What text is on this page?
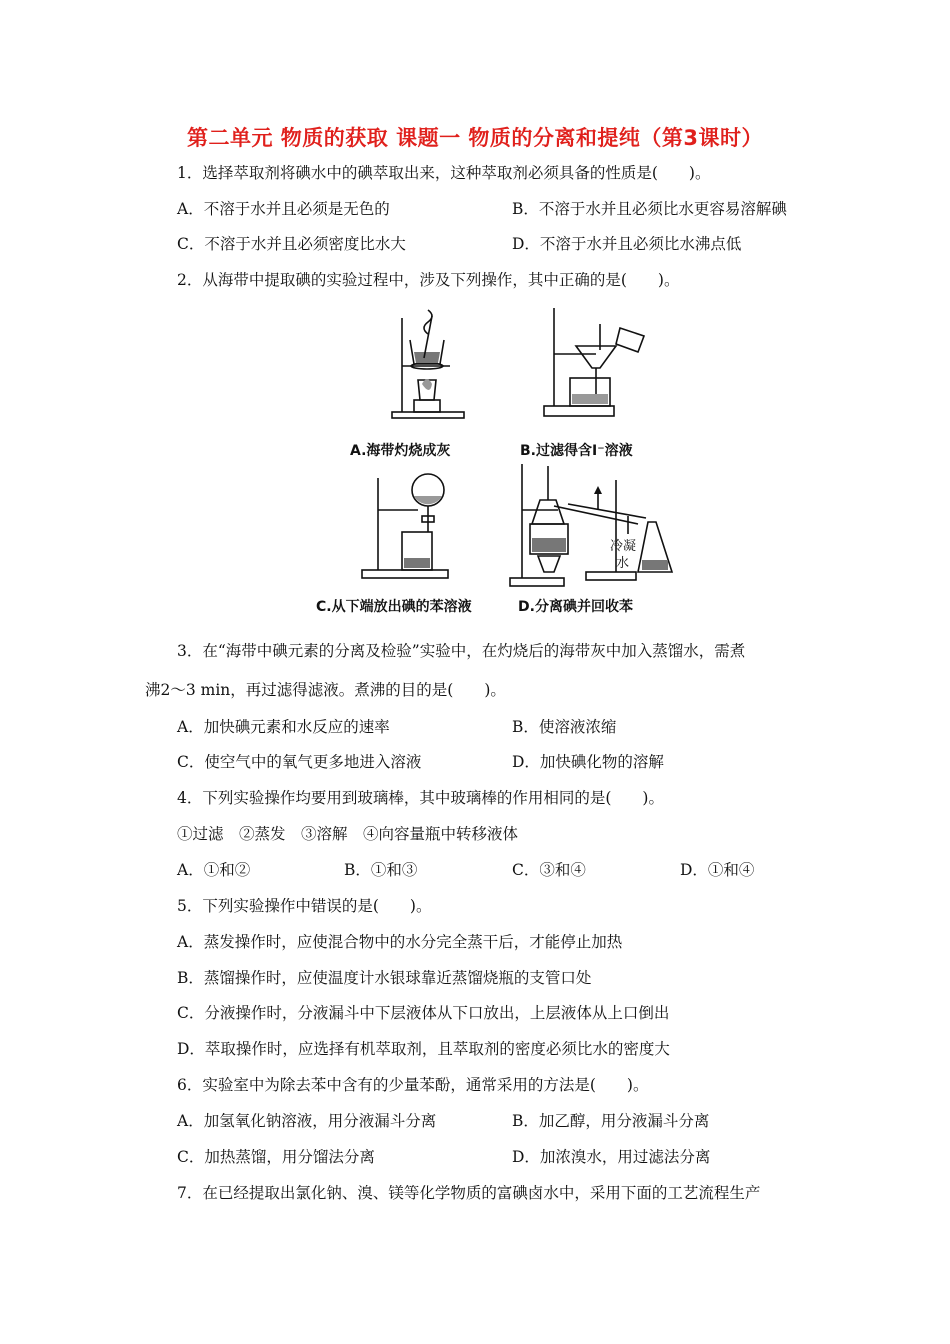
第二单元 物质的获取 课题一 物质的分离和提纯（第3课时）
1．选择萃取剂将碘水中的碘萃取出来，这种萃取剂必须具备的性质是(　　)。
A．不溶于水并且必须是无色的	B．不溶于水并且必须比水更容易溶解碘
C．不溶于水并且必须密度比水大	D．不溶于水并且必须比水沸点低
2．从海带中提取碘的实验过程中，涉及下列操作，其中正确的是(　　)。
A.海带灼烧成灰	B.过滤得含I⁻溶液
C.从下端放出碘的苯溶液
冷凝
水
D.分离碘并回收苯
3．在“海带中碘元素的分离及检验”实验中，在灼烧后的海带灰中加入蒸馏水，需煮
沸2～3 min，再过滤得滤液。煮沸的目的是(　　)。
A．加快碘元素和水反应的速率	B．使溶液浓缩
C．使空气中的氧气更多地进入溶液	D．加快碘化物的溶解
4．下列实验操作均要用到玻璃棒，其中玻璃棒的作用相同的是(　　)。
①过滤　②蒸发　③溶解　④向容量瓶中转移液体
A．①和②	B．①和③	C．③和④	D．①和④
5．下列实验操作中错误的是(　　)。
A．蒸发操作时，应使混合物中的水分完全蒸干后，才能停止加热
B．蒸馏操作时，应使温度计水银球靠近蒸馏烧瓶的支管口处
C．分液操作时，分液漏斗中下层液体从下口放出，上层液体从上口倒出
D．萃取操作时，应选择有机萃取剂，且萃取剂的密度必须比水的密度大
6．实验室中为除去苯中含有的少量苯酚，通常采用的方法是(　　)。
A．加氢氧化钠溶液，用分液漏斗分离	B．加乙醇，用分液漏斗分离
C．加热蒸馏，用分馏法分离	D．加浓溴水，用过滤法分离
7．在已经提取出氯化钠、溴、镁等化学物质的富碘卤水中，采用下面的工艺流程生产
